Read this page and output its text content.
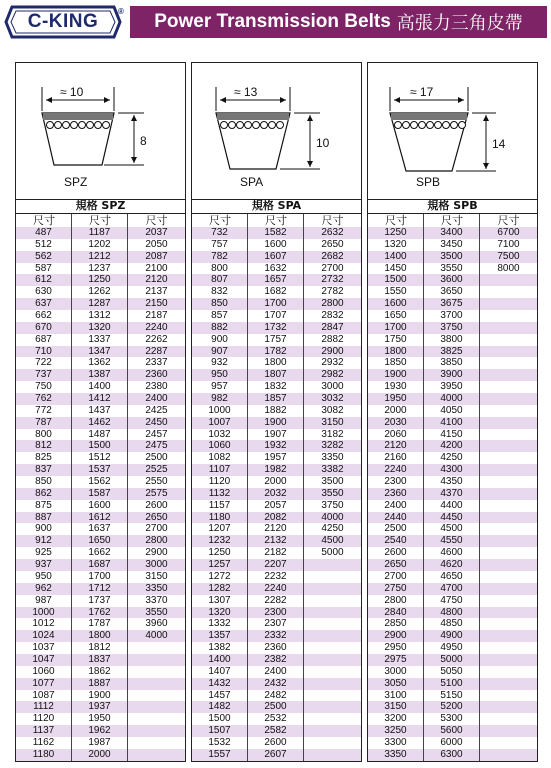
C-KING	® Power Transmission Belts 高張力三角皮帶
≈ 10
8
SPZ
規格 SPZ
尺寸	尺寸	尺寸
487	1187	2037
512	1202	2050
562	1212	2087
587	1237	2100
612	1250	2120
630	1262	2137
637	1287	2150
662	1312	2187
670	1320	2240
687	1337	2262
710	1347	2287
722	1362	2337
737	1387	2360
750	1400	2380
762	1412	2400
772	1437	2425
787	1462	2450
800	1487	2457
812	1500	2475
825	1512	2500
837	1537	2525
850	1562	2550
862	1587	2575
875	1600	2600
887	1612	2650
900	1637	2700
912	1650	2800
925	1662	2900
937	1687	3000
950	1700	3150
962	1712	3350
987	1737	3370
1000	1762	3550
1012	1787	3960
1024	1800	4000
1037	1812
1047	1837
1060	1862
1077	1887
1087	1900
1112	1937
1120	1950
1137	1962
1162	1987
1180	2000
≈ 13
10
SPA
規格 SPA
尺寸	尺寸	尺寸
732	1582	2632
757	1600	2650
782	1607	2682
800	1632	2700
807	1657	2732
832	1682	2782
850	1700	2800
857	1707	2832
882	1732	2847
900	1757	2882
907	1782	2900
932	1800	2932
950	1807	2982
957	1832	3000
982	1857	3032
1000	1882	3082
1007	1900	3150
1032	1907	3182
1060	1932	3282
1082	1957	3350
1107	1982	3382
1120	2000	3500
1132	2032	3550
1157	2057	3750
1180	2082	4000
1207	2120	4250
1232	2132	4500
1250	2182	5000
1257	2207
1272	2232
1282	2240
1307	2282
1320	2300
1332	2307
1357	2332
1382	2360
1400	2382
1407	2400
1432	2432
1457	2482
1482	2500
1500	2532
1507	2582
1532	2600
1557	2607
≈ 17
14
SPB
規格 SPB
尺寸	尺寸	尺寸
1250	3400	6700
1320	3450	7100
1400	3500	7500
1450	3550	8000
1500	3600
1550	3650
1600	3675
1650	3700
1700	3750
1750	3800
1800	3825
1850	3850
1900	3900
1930	3950
1950	4000
2000	4050
2030	4100
2060	4150
2120	4200
2160	4250
2240	4300
2300	4350
2360	4370
2400	4400
2440	4450
2500	4500
2540	4550
2600	4600
2650	4620
2700	4650
2750	4700
2800	4750
2840	4800
2850	4850
2900	4900
2950	4950
2975	5000
3000	5050
3050	5100
3100	5150
3150	5200
3200	5300
3250	5600
3300	6000
3350	6300
